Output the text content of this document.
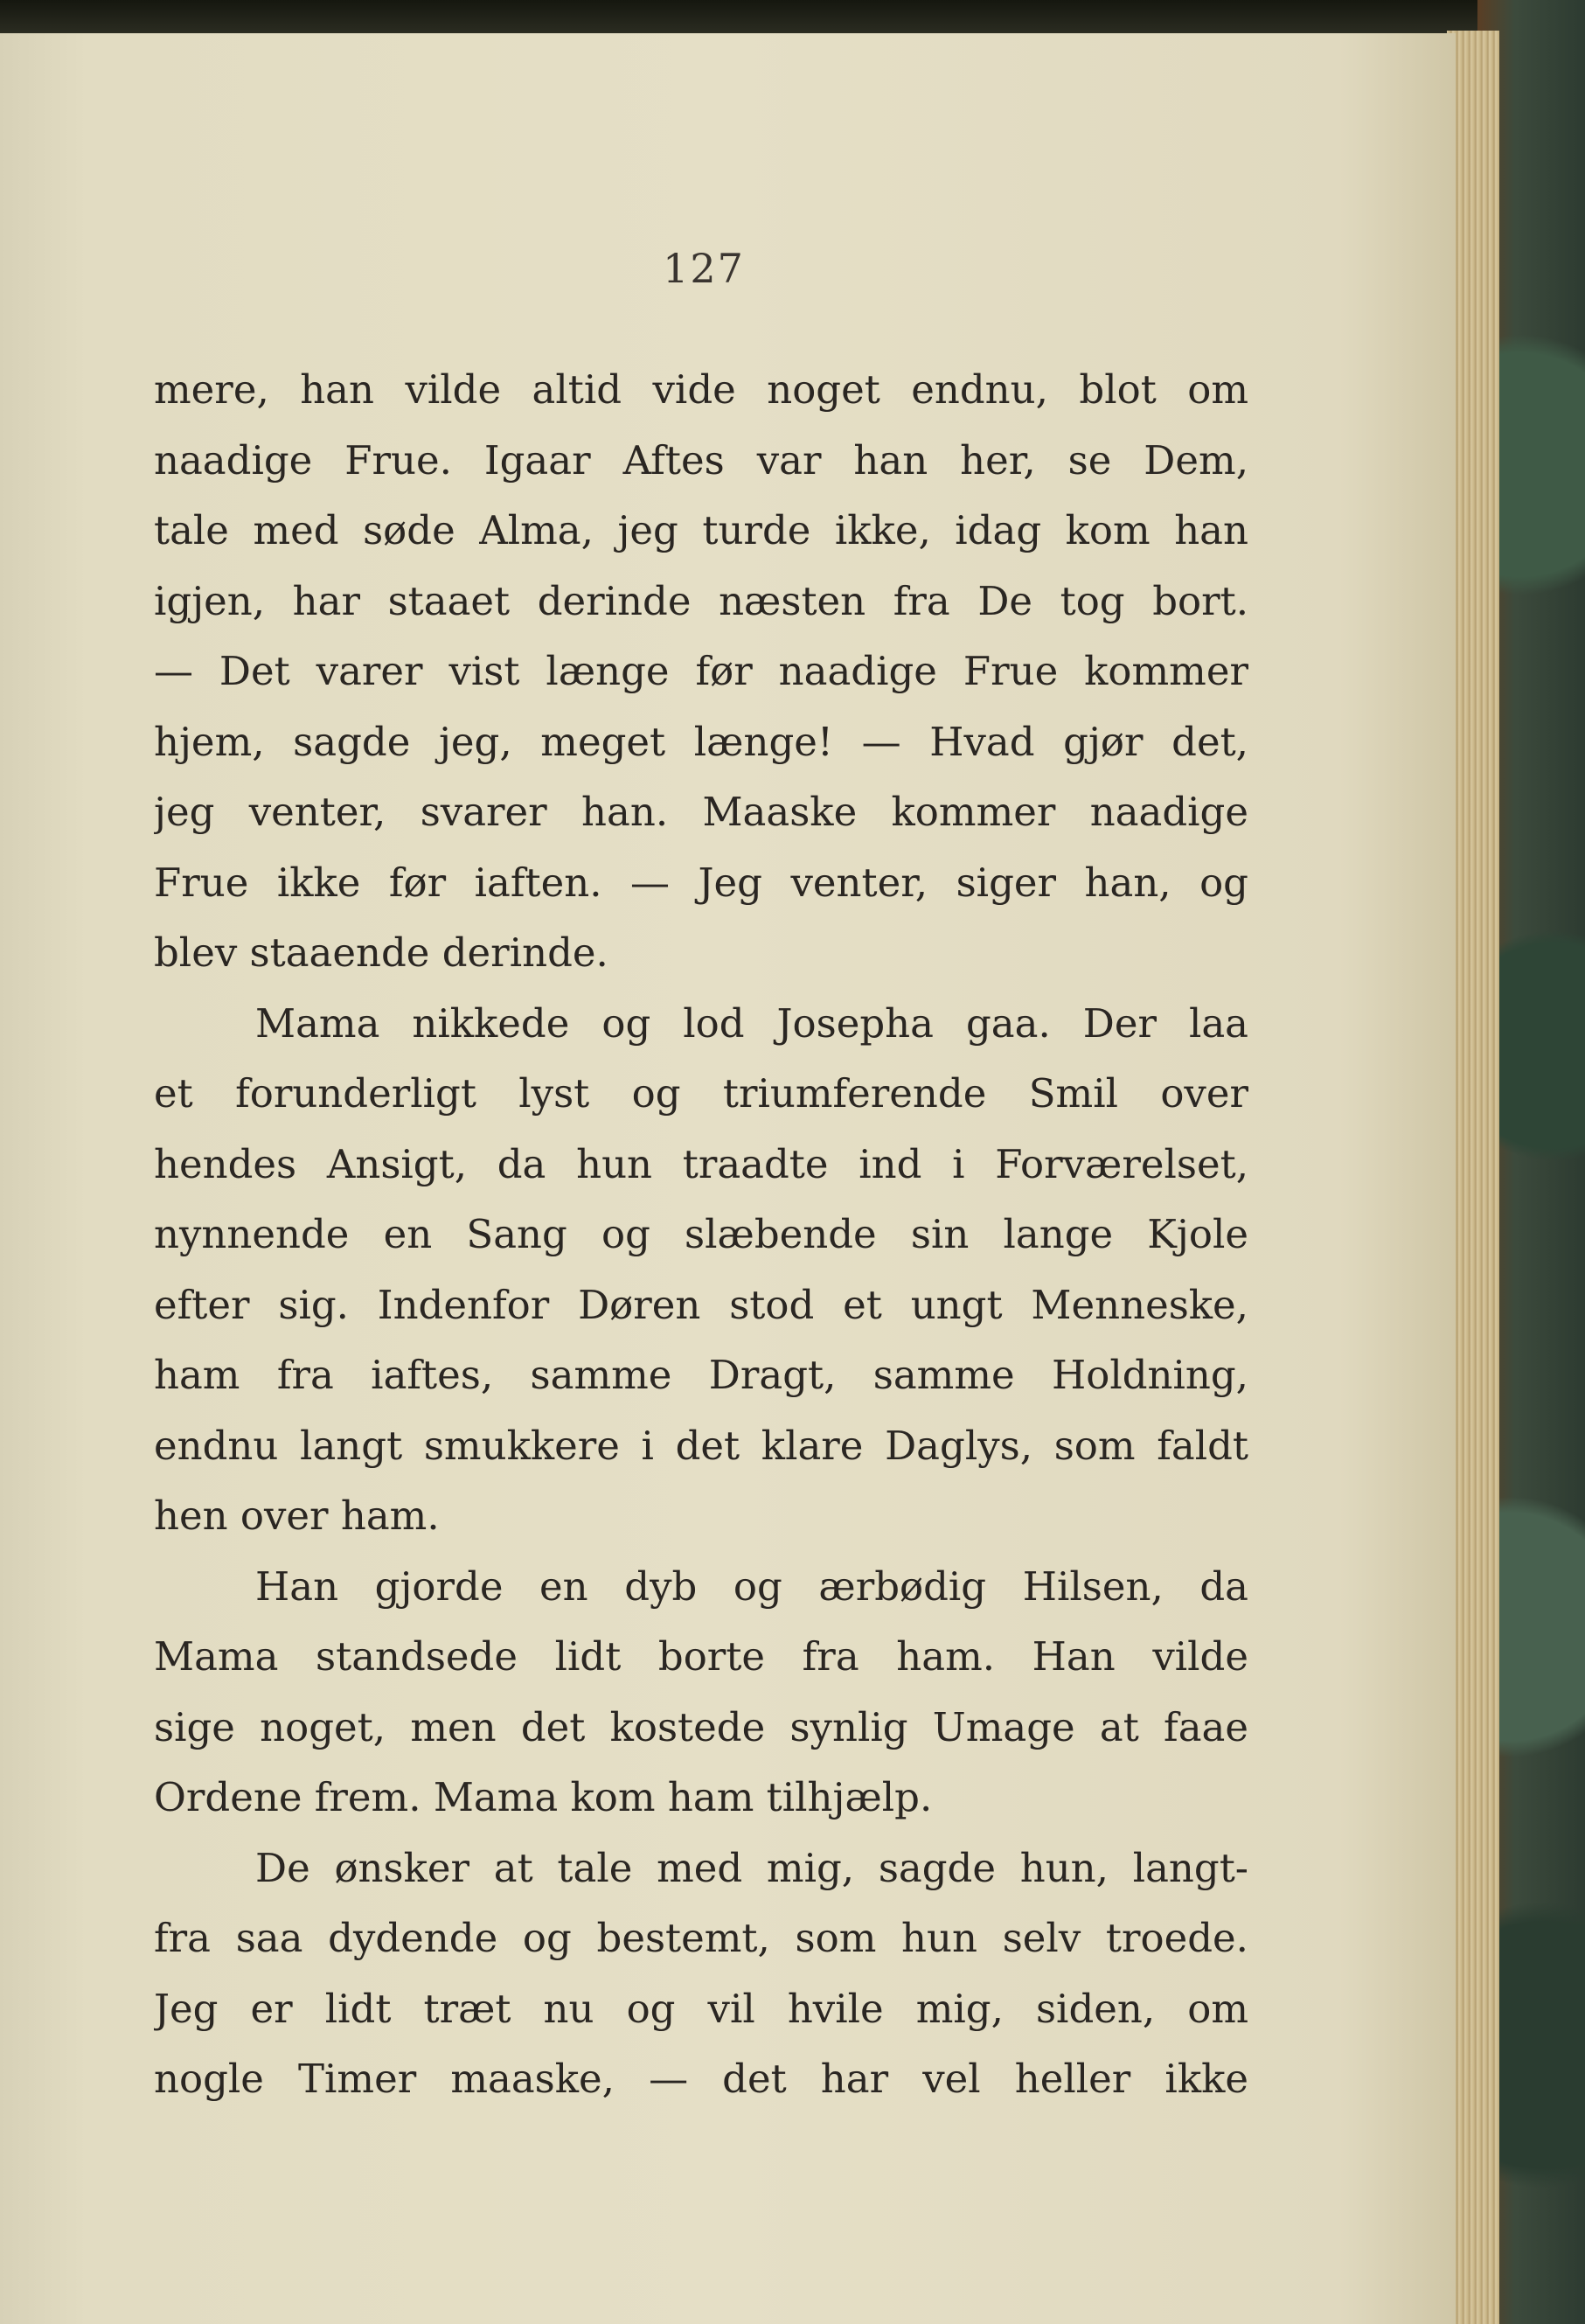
127
mere, han vilde altid vide noget endnu, blot om
naadige Frue. Igaar Aftes var han her, se Dem,
tale med søde Alma, jeg turde ikke, idag kom han
igjen, har staaet derinde næsten fra De tog bort.
— Det varer vist længe før naadige Frue kommer
hjem, sagde jeg, meget længe! — Hvad gjør det,
jeg venter, svarer han. Maaske kommer naadige
Frue ikke før iaften. — Jeg venter, siger han, og
blev staaende derinde.
Mama nikkede og lod Josepha gaa. Der laa
et forunderligt lyst og triumferende Smil over
hendes Ansigt, da hun traadte ind i Forværelset,
nynnende en Sang og slæbende sin lange Kjole
efter sig. Indenfor Døren stod et ungt Menneske,
ham fra iaftes, samme Dragt, samme Holdning,
endnu langt smukkere i det klare Daglys, som faldt
hen over ham.
Han gjorde en dyb og ærbødig Hilsen, da
Mama standsede lidt borte fra ham. Han vilde
sige noget, men det kostede synlig Umage at faae
Ordene frem. Mama kom ham tilhjælp.
De ønsker at tale med mig, sagde hun, langt-
fra saa dydende og bestemt, som hun selv troede.
Jeg er lidt træt nu og vil hvile mig, siden, om
nogle Timer maaske, — det har vel heller ikke
